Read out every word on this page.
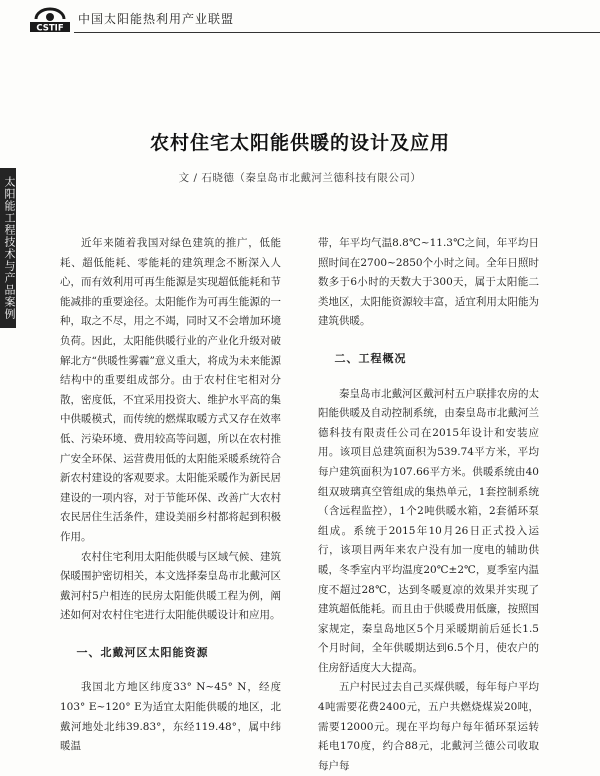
CSTIF
中国太阳能热利用产业联盟
太阳能工程技术与产品案例
农村住宅太阳能供暖的设计及应用
文 / 石晓德（秦皇岛市北戴河兰德科技有限公司）

近年来随着我国对绿色建筑的推广，低能耗、超低能耗、零能耗的建筑理念不断深入人心，而有效利用可再生能源是实现超低能耗和节能减排的重要途径。太阳能作为可再生能源的一种，取之不尽，用之不竭，同时又不会增加环境负荷。因此，太阳能供暖行业的产业化升级对破解北方“供暖性雾霾”意义重大，将成为未来能源结构中的重要组成部分。由于农村住宅相对分散，密度低，不宜采用投资大、维护水平高的集中供暖模式，而传统的燃煤取暖方式又存在效率低、污染环境、费用较高等问题，所以在农村推广安全环保、运营费用低的太阳能采暖系统符合新农村建设的客观要求。太阳能采暖作为新民居建设的一项内容，对于节能环保、改善广大农村农民居住生活条件，建设美丽乡村都将起到积极作用。

农村住宅利用太阳能供暖与区域气候、建筑保暖围护密切相关，本文选择秦皇岛市北戴河区戴河村5户相连的民房太阳能供暖工程为例，阐述如何对农村住宅进行太阳能供暖设计和应用。

一、北戴河区太阳能资源

我国北方地区纬度33° N~45° N，经度103° E~120° E为适宜太阳能供暖的地区，北戴河地处北纬39.83°，东经119.48°，属中纬暖温

带，年平均气温8.8℃~11.3℃之间，年平均日照时间在2700~2850个小时之间。全年日照时数多于6小时的天数大于300天，属于太阳能二类地区，太阳能资源较丰富，适宜利用太阳能为建筑供暖。

二、工程概况

秦皇岛市北戴河区戴河村五户联排农房的太阳能供暖及自动控制系统，由秦皇岛市北戴河兰德科技有限责任公司在2015年设计和安装应用。该项目总建筑面积为539.74平方米，平均每户建筑面积为107.66平方米。供暖系统由40组双玻璃真空管组成的集热单元，1套控制系统（含远程监控），1个2吨供暖水箱，2套循环泵组成。系统于2015年10月26日正式投入运行，该项目两年来农户没有加一度电的辅助供暖，冬季室内平均温度20℃±2℃，夏季室内温度不超过28℃，达到冬暖夏凉的效果并实现了建筑超低能耗。而且由于供暖费用低廉，按照国家规定，秦皇岛地区5个月采暖期前后延长1.5个月时间，全年供暖期达到6.5个月，使农户的住房舒适度大大提高。

五户村民过去自己买煤供暖，每年每户平均4吨需要花费2400元，五户共燃烧煤炭20吨，需要12000元。现在平均每户每年循环泵运转耗电170度，约合88元，北戴河兰德公司收取每户每
